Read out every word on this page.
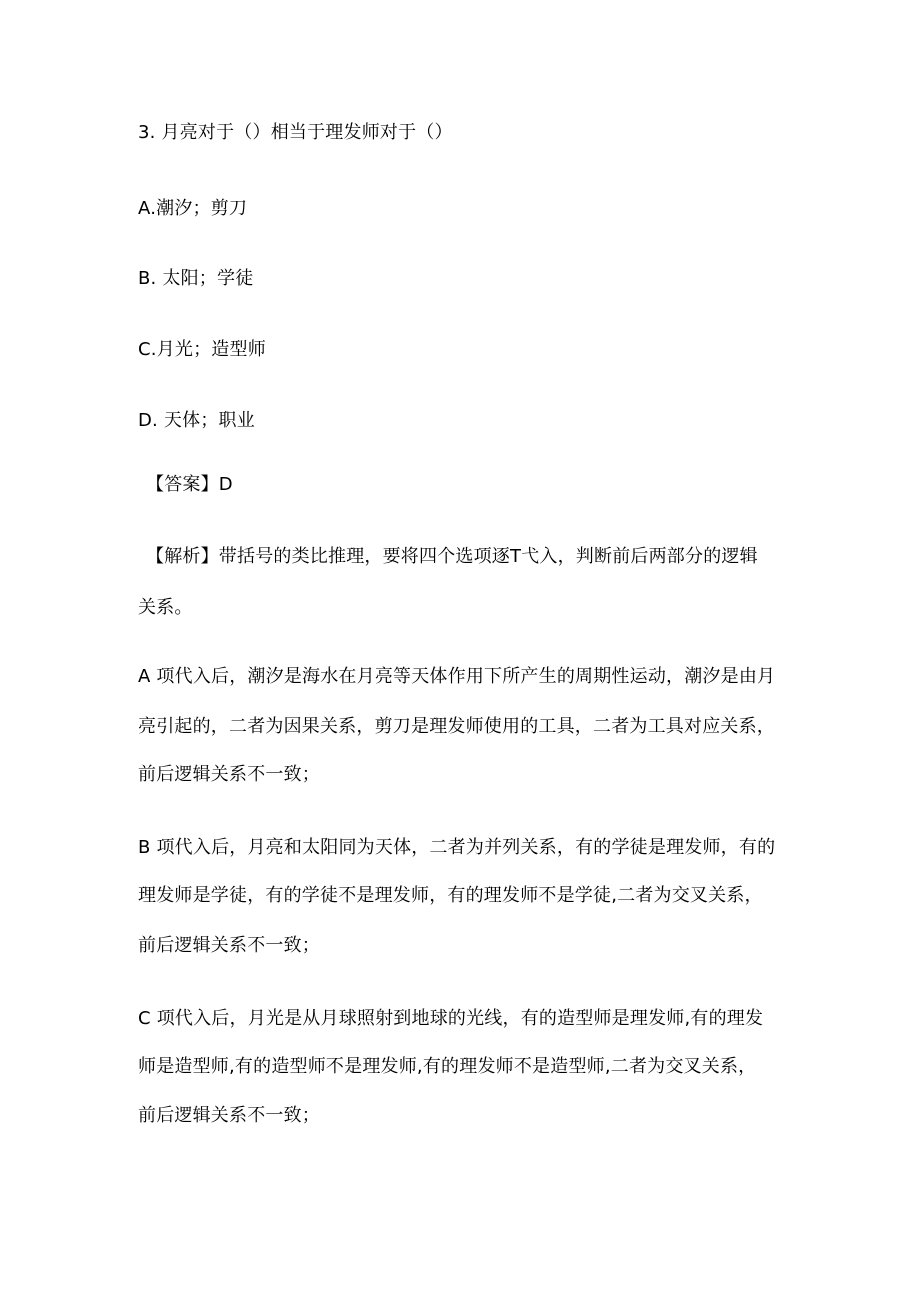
3. 月亮对于（）相当于理发师对于（）
A.潮汐；剪刀
B. 太阳；学徒
C.月光；造型师
D. 天体；职业
【答案】D
【解析】带括号的类比推理，要将四个选项逐T弋入，判断前后两部分的逻辑
关系。
A 项代入后，潮汐是海水在月亮等天体作用下所产生的周期性运动，潮汐是由月
亮引起的，二者为因果关系，剪刀是理发师使用的工具，二者为工具对应关系，
前后逻辑关系不一致；
B 项代入后，月亮和太阳同为天体，二者为并列关系，有的学徒是理发师，有的
理发师是学徒，有的学徒不是理发师，有的理发师不是学徒,二者为交叉关系，
前后逻辑关系不一致；
C 项代入后，月光是从月球照射到地球的光线，有的造型师是理发师,有的理发
师是造型师,有的造型师不是理发师,有的理发师不是造型师,二者为交叉关系，
前后逻辑关系不一致；
